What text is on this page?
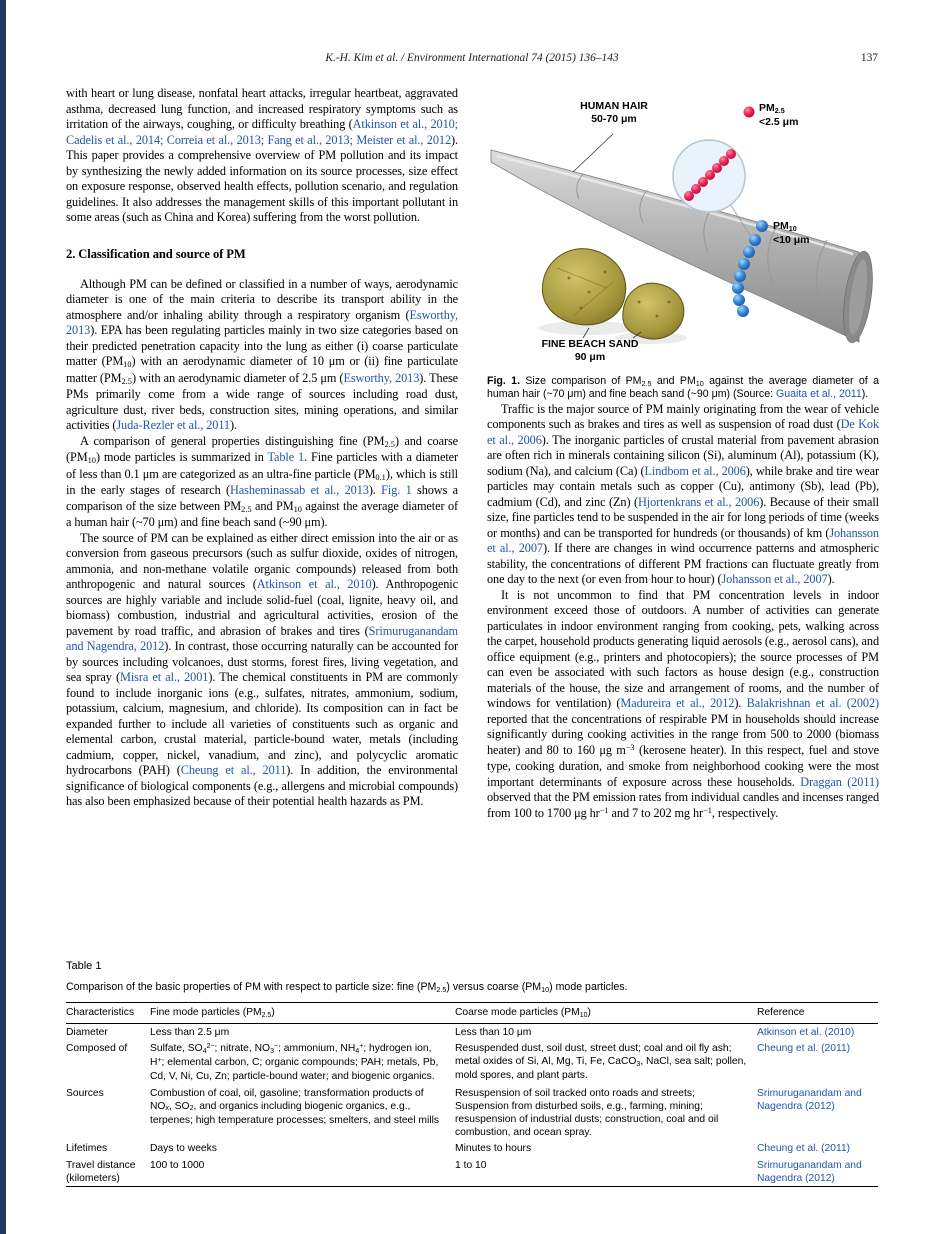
K.-H. Kim et al. / Environment International 74 (2015) 136–143	137

with heart or lung disease, nonfatal heart attacks, irregular heartbeat, aggravated asthma, decreased lung function, and increased respiratory symptoms such as irritation of the airways, coughing, or difficulty breathing (Atkinson et al., 2010; Cadelis et al., 2014; Correia et al., 2013; Fang et al., 2013; Meister et al., 2012). This paper provides a comprehensive overview of PM pollution and its impact by synthesizing the newly added information on its source processes, size effect on exposure response, observed health effects, pollution scenario, and regulation guidelines. It also addresses the management skills of this important pollutant in some areas (such as China and Korea) suffering from the worst pollution.

2. Classification and source of PM

Although PM can be defined or classified in a number of ways, aerodynamic diameter is one of the main criteria to describe its transport ability in the atmosphere and/or inhaling ability through a respiratory organism (Esworthy, 2013). EPA has been regulating particles mainly in two size categories based on their predicted penetration capacity into the lung as either (i) coarse particulate matter $(PM_{10})$ with an aerodynamic diameter of 10 μm or (ii) fine particulate matter $(PM_{2.5})$ with an aerodynamic diameter of 2.5 μm (Esworthy, 2013). These PMs primarily come from a wide range of sources including road dust, agriculture dust, river beds, construction sites, mining operations, and similar activities (Juda-Rezler et al., 2011).

A comparison of general properties distinguishing fine $(PM_{2.5})$ and coarse $(PM_{10})$ mode particles is summarized in Table 1. Fine particles with a diameter of less than 0.1 μm are categorized as an ultra-fine particle $(PM_{0.1})$, which is still in the early stages of research (Hasheminassab et al., 2013). Fig. 1 shows a comparison of the size between $PM_{2.5}$ and $PM_{10}$ against the average diameter of a human hair (~70 μm) and fine beach sand (~90 μm).

The source of PM can be explained as either direct emission into the air or as conversion from gaseous precursors (such as sulfur dioxide, oxides of nitrogen, ammonia, and non-methane volatile organic compounds) released from both anthropogenic and natural sources (Atkinson et al., 2010). Anthropogenic sources are highly variable and include solid-fuel (coal, lignite, heavy oil, and biomass) combustion, industrial and agricultural activities, erosion of the pavement by road traffic, and abrasion of brakes and tires (Srimuruganandam and Nagendra, 2012). In contrast, those occurring naturally can be accounted for by sources including volcanoes, dust storms, forest fires, living vegetation, and sea spray (Misra et al., 2001). The chemical constituents in PM are commonly found to include inorganic ions (e.g., sulfates, nitrates, ammonium, sodium, potassium, calcium, magnesium, and chloride). Its composition can in fact be expanded further to include all varieties of constituents such as organic and elemental carbon, crustal material, particle-bound water, metals (including cadmium, copper, nickel, vanadium, and zinc), and polycyclic aromatic hydrocarbons (PAH) (Cheung et al., 2011). In addition, the environmental significance of biological components (e.g., allergens and microbial compounds) has also been emphasized because of their potential health hazards as PM.

HUMAN HAIR
50-70 μm
$PM_{2.5}$
<2.5 μm
$PM_{10}$
<10 μm
FINE BEACH SAND
90 μm

Fig. 1. Size comparison of $PM_{2.5}$ and $PM_{10}$ against the average diameter of a human hair (~70 μm) and fine beach sand (~90 μm) (Source: Guaita et al., 2011).

Traffic is the major source of PM mainly originating from the wear of vehicle components such as brakes and tires as well as suspension of road dust (De Kok et al., 2006). The inorganic particles of crustal material from pavement abrasion are often rich in minerals containing silicon (Si), aluminum (Al), potassium (K), sodium (Na), and calcium (Ca) (Lindbom et al., 2006), while brake and tire wear particles may contain metals such as copper (Cu), antimony (Sb), lead (Pb), cadmium (Cd), and zinc (Zn) (Hjortenkrans et al., 2006). Because of their small size, fine particles tend to be suspended in the air for long periods of time (weeks or months) and can be transported for hundreds (or thousands) of km (Johansson et al., 2007). If there are changes in wind occurrence patterns and atmospheric stability, the concentrations of different PM fractions can fluctuate greatly from one day to the next (or even from hour to hour) (Johansson et al., 2007).

It is not uncommon to find that PM concentration levels in indoor environment exceed those of outdoors. A number of activities can generate particulates in indoor environment ranging from cooking, pets, walking across the carpet, household products generating liquid aerosols (e.g., aerosol cans), and office equipment (e.g., printers and photocopiers); the source processes of PM can even be associated with such factors as house design (e.g., construction materials of the house, the size and arrangement of rooms, and the number of windows for ventilation) (Madureira et al., 2012). Balakrishnan et al. (2002) reported that the concentrations of respirable PM in households should increase significantly during cooking activities in the range from 500 to 2000 (biomass heater) and 80 to 160 μg $m^{-3}$ (kerosene heater). In this respect, fuel and stove type, cooking duration, and smoke from neighborhood cooking were the most important determinants of exposure across these households. Draggan (2011) observed that the PM emission rates from individual candles and incenses ranged from 100 to 1700 μg $hr^{-1}$ and 7 to 202 mg $hr^{-1}$, respectively.

Table 1
Comparison of the basic properties of PM with respect to particle size: fine $(PM_{2.5})$ versus coarse $(PM_{10})$ mode particles.
Characteristics	Fine mode particles $(PM_{2.5})$	Coarse mode particles $(PM_{10})$	Reference
Diameter	Less than 2.5 μm	Less than 10 μm	Atkinson et al. (2010)
Composed of	Sulfate, $SO_4^{2-}$; nitrate, $NO_3^-$; ammonium, $NH_4^+$; hydrogen ion, H+; elemental carbon, C; organic compounds; PAH; metals, Pb, Cd, V, Ni, Cu, Zn; particle-bound water; and biogenic organics.	Resuspended dust, soil dust, street dust; coal and oil fly ash; metal oxides of Si, Al, Mg, Ti, Fe, CaCO$_3$, NaCl, sea salt; pollen, mold spores, and plant parts.	Cheung et al. (2011)
Sources	Combustion of coal, oil, gasoline; transformation products of $NO_x$, $SO_2$, and organics including biogenic organics, e.g., terpenes; high temperature processes; smelters, and steel mills	Resuspension of soil tracked onto roads and streets; Suspension from disturbed soils, e.g., farming, mining; resuspension of industrial dusts; construction, coal and oil combustion, and ocean spray.	Srimuruganandam and Nagendra (2012)
Lifetimes	Days to weeks	Minutes to hours	Cheung et al. (2011)
Travel distance (kilometers)	100 to 1000	1 to 10	Srimuruganandam and Nagendra (2012)
